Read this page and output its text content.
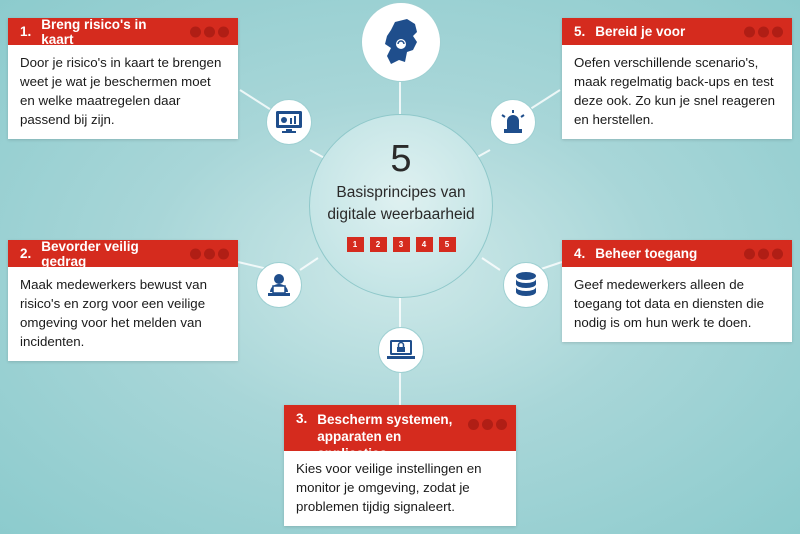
5
Basisprincipes van
digitale weerbaarheid
1	2	3	4	5
1. Breng risico's in kaart
Door je risico's in kaart te brengen weet je wat je beschermen moet en welke maatregelen daar passend bij zijn.
5. Bereid je voor
Oefen verschillende scenario's, maak regelmatig back-ups en test deze ook. Zo kun je snel reageren en herstellen.
2. Bevorder veilig gedrag
Maak medewerkers bewust van risico's en zorg voor een veilige omgeving voor het melden van incidenten.
4. Beheer toegang
Geef medewerkers alleen de toegang tot data en diensten die nodig is om hun werk te doen.
3. Bescherm systemen,
apparaten en applicaties
Kies voor veilige instellingen en monitor je omgeving, zodat je problemen tijdig signaleert.
